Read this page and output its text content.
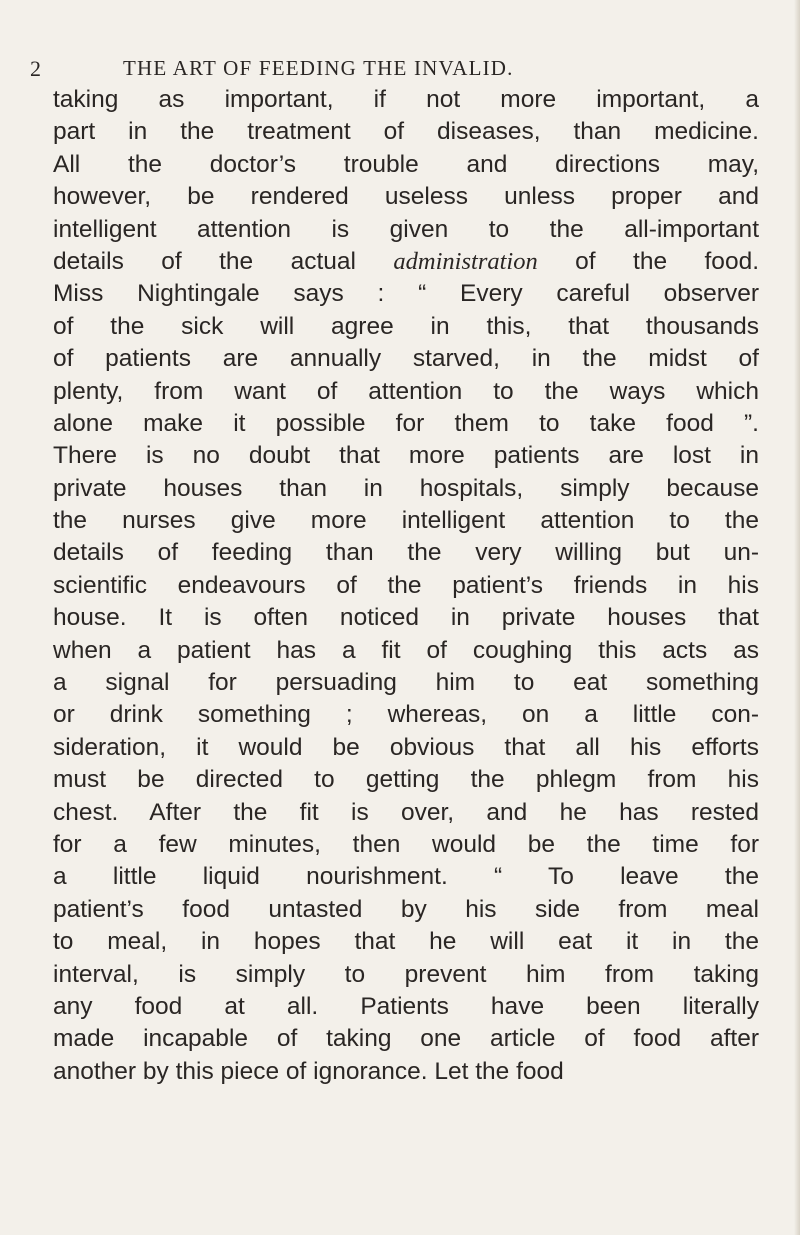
2	THE ART OF FEEDING THE INVALID.
taking as important, if not more important, a
part in the treatment of diseases, than medicine.
All the doctor’s trouble and directions may,
however, be rendered useless unless proper and
intelligent attention is given to the all-important
details of the actual administration of the food.
Miss Nightingale says : “ Every careful observer
of the sick will agree in this, that thousands
of patients are annually starved, in the midst of
plenty, from want of attention to the ways which
alone make it possible for them to take food ”.
There is no doubt that more patients are lost in
private houses than in hospitals, simply because
the nurses give more intelligent attention to the
details of feeding than the very willing but un-
scientific endeavours of the patient’s friends in his
house. It is often noticed in private houses that
when a patient has a fit of coughing this acts as
a signal for persuading him to eat something
or drink something ; whereas, on a little con-
sideration, it would be obvious that all his efforts
must be directed to getting the phlegm from his
chest. After the fit is over, and he has rested
for a few minutes, then would be the time for
a little liquid nourishment. “ To leave the
patient’s food untasted by his side from meal
to meal, in hopes that he will eat it in the
interval, is simply to prevent him from taking
any food at all. Patients have been literally
made incapable of taking one article of food after
another by this piece of ignorance. Let the food
